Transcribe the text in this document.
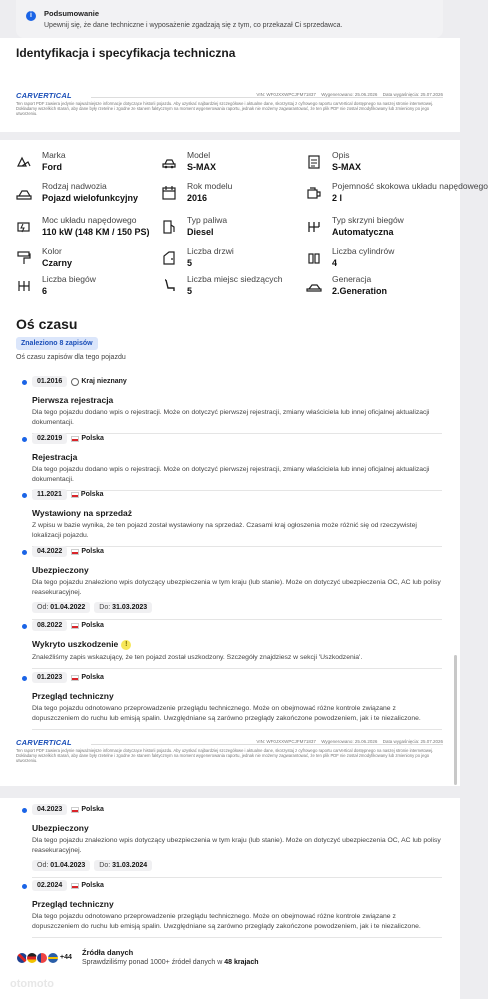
i	Podsumowanie
Upewnij się, że dane techniczne i wyposażenie zgadzają się z tym, co przekazał Ci sprzedawca.
Identyfikacja i specyfikacja techniczna
CARVERTICAL	VIN: WF0JXXWPCJFM71837 Wygenerowano: 25.06.2026 Data wygaśnięcia: 25.07.2026
Ten raport PDF zawiera jedynie najważniejsze informacje dotyczące historii pojazdu. Aby uzyskać najbardziej szczegółowe i aktualne dane, skorzystaj z cyfrowego raportu carVertical dostępnego na naszej stronie internetowej. Dokładamy wszelkich starań, aby dane były rzetelne i zgodne ze stanem faktycznym na moment wygenerowania raportu, jednak nie możemy zagwarantować, że ten plik PDF nie został zmodyfikowany lub zmieniony po jego utworzeniu.
Marka
Ford
Model
S-MAX
Opis
S-MAX
Rodzaj nadwozia
Pojazd wielofunkcyjny
Rok modelu
2016
Pojemność skokowa układu napędowego
2 l
Moc układu napędowego
110 kW (148 KM / 150 PS)
Typ paliwa
Diesel
Typ skrzyni biegów
Automatyczna
Kolor
Czarny
Liczba drzwi
5
Liczba cylindrów
4
Liczba biegów
6
Liczba miejsc siedzących
5
Generacja
2.Generation
Oś czasu
Znaleziono 8 zapisów
Oś czasu zapisów dla tego pojazdu
01.2016	Kraj nieznany
Pierwsza rejestracja
Dla tego pojazdu dodano wpis o rejestracji. Może on dotyczyć pierwszej rejestracji, zmiany właściciela lub innej oficjalnej aktualizacji dokumentacji.
02.2019	Polska
Rejestracja
Dla tego pojazdu dodano wpis o rejestracji. Może on dotyczyć pierwszej rejestracji, zmiany właściciela lub innej oficjalnej aktualizacji dokumentacji.
11.2021	Polska
Wystawiony na sprzedaż
Z wpisu w bazie wynika, że ten pojazd został wystawiony na sprzedaż. Czasami kraj ogłoszenia może różnić się od rzeczywistej lokalizacji pojazdu.
04.2022	Polska
Ubezpieczony
Dla tego pojazdu znaleziono wpis dotyczący ubezpieczenia w tym kraju (lub stanie). Może on dotyczyć ubezpieczenia OC, AC lub polisy reasekuracyjnej.
Od: 01.04.2022 Do: 31.03.2023
08.2022	Polska
Wykryto uszkodzenie !
Znaleźliśmy zapis wskazujący, że ten pojazd został uszkodzony. Szczegóły znajdziesz w sekcji 'Uszkodzenia'.
01.2023	Polska
Przegląd techniczny
Dla tego pojazdu odnotowano przeprowadzenie przeglądu technicznego. Może on obejmować różne kontrole związane z dopuszczeniem do ruchu lub emisją spalin. Uwzględniane są zarówno przeglądy zakończone powodzeniem, jak i te niezaliczone.
CARVERTICAL	VIN: WF0JXXWPCJFM71837 Wygenerowano: 25.06.2026 Data wygaśnięcia: 25.07.2026
Ten raport PDF zawiera jedynie najważniejsze informacje dotyczące historii pojazdu. Aby uzyskać najbardziej szczegółowe i aktualne dane, skorzystaj z cyfrowego raportu carVertical dostępnego na naszej stronie internetowej. Dokładamy wszelkich starań, aby dane były rzetelne i zgodne ze stanem faktycznym na moment wygenerowania raportu, jednak nie możemy zagwarantować, że ten plik PDF nie został zmodyfikowany lub zmieniony po jego utworzeniu.
04.2023	Polska
Ubezpieczony
Dla tego pojazdu znaleziono wpis dotyczący ubezpieczenia w tym kraju (lub stanie). Może on dotyczyć ubezpieczenia OC, AC lub polisy reasekuracyjnej.
Od: 01.04.2023 Do: 31.03.2024
02.2024	Polska
Przegląd techniczny
Dla tego pojazdu odnotowano przeprowadzenie przeglądu technicznego. Może on obejmować różne kontrole związane z dopuszczeniem do ruchu lub emisją spalin. Uwzględniane są zarówno przeglądy zakończone powodzeniem, jak i te niezaliczone.

+44
Źródła danych
Sprawdziliśmy ponad 1000+ źródeł danych w 48 krajach
otomoto
